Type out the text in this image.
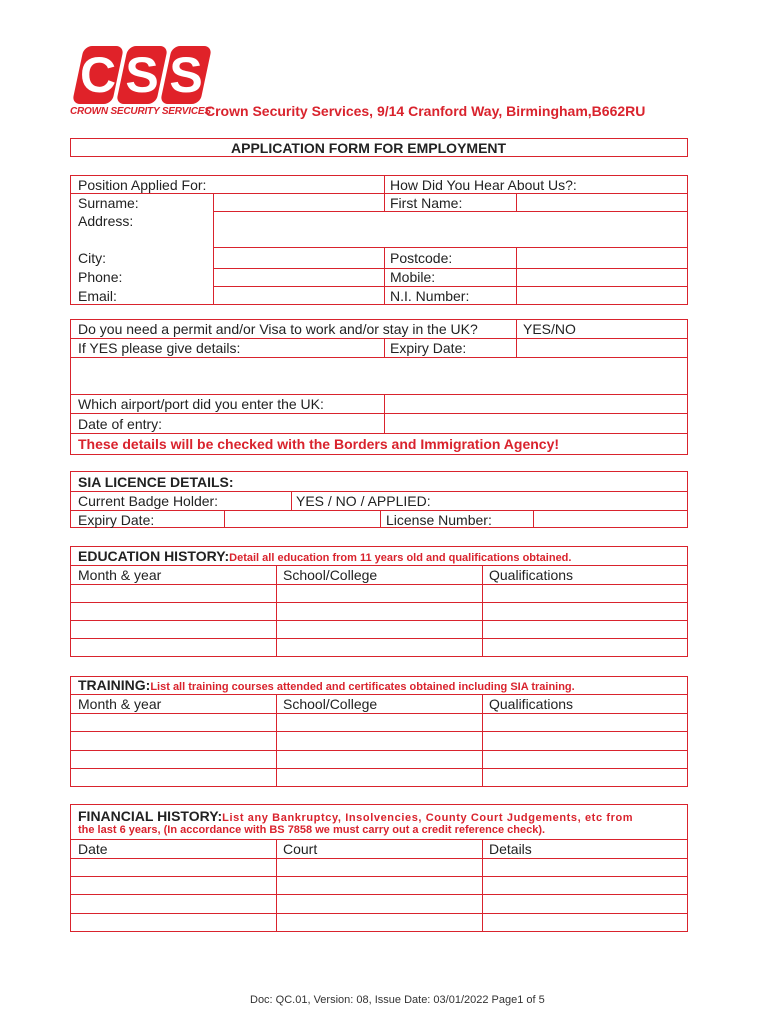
C S S
CROWN SECURITY SERVICES
Crown Security Services, 9/14 Cranford Way, Birmingham,B662RU
APPLICATION FORM FOR EMPLOYMENT
Position Applied For:	How Did You Hear About Us?:
Surname:	First Name:
Address:
City:	Postcode:
Phone:	Mobile:
Email:	N.I. Number:
Do you need a permit and/or Visa to work and/or stay in the UK?	YES/NO
If YES please give details:	Expiry Date:
Which airport/port did you enter the UK:
Date of entry:
These details will be checked with the Borders and Immigration Agency!
SIA LICENCE DETAILS:
Current Badge Holder:	YES / NO / APPLIED:
Expiry Date:	License Number:
EDUCATION HISTORY:Detail all education from 11 years old and qualifications obtained.
Month & year	School/College	Qualifications
TRAINING:List all training courses attended and certificates obtained including SIA training.
Month & year	School/College	Qualifications
FINANCIAL HISTORY:List any Bankruptcy, Insolvencies, County Court Judgements, etc from
the last 6 years, (In accordance with BS 7858 we must carry out a credit reference check).
Date	Court	Details
Doc: QC.01, Version: 08, Issue Date: 03/01/2022 Page1 of 5
